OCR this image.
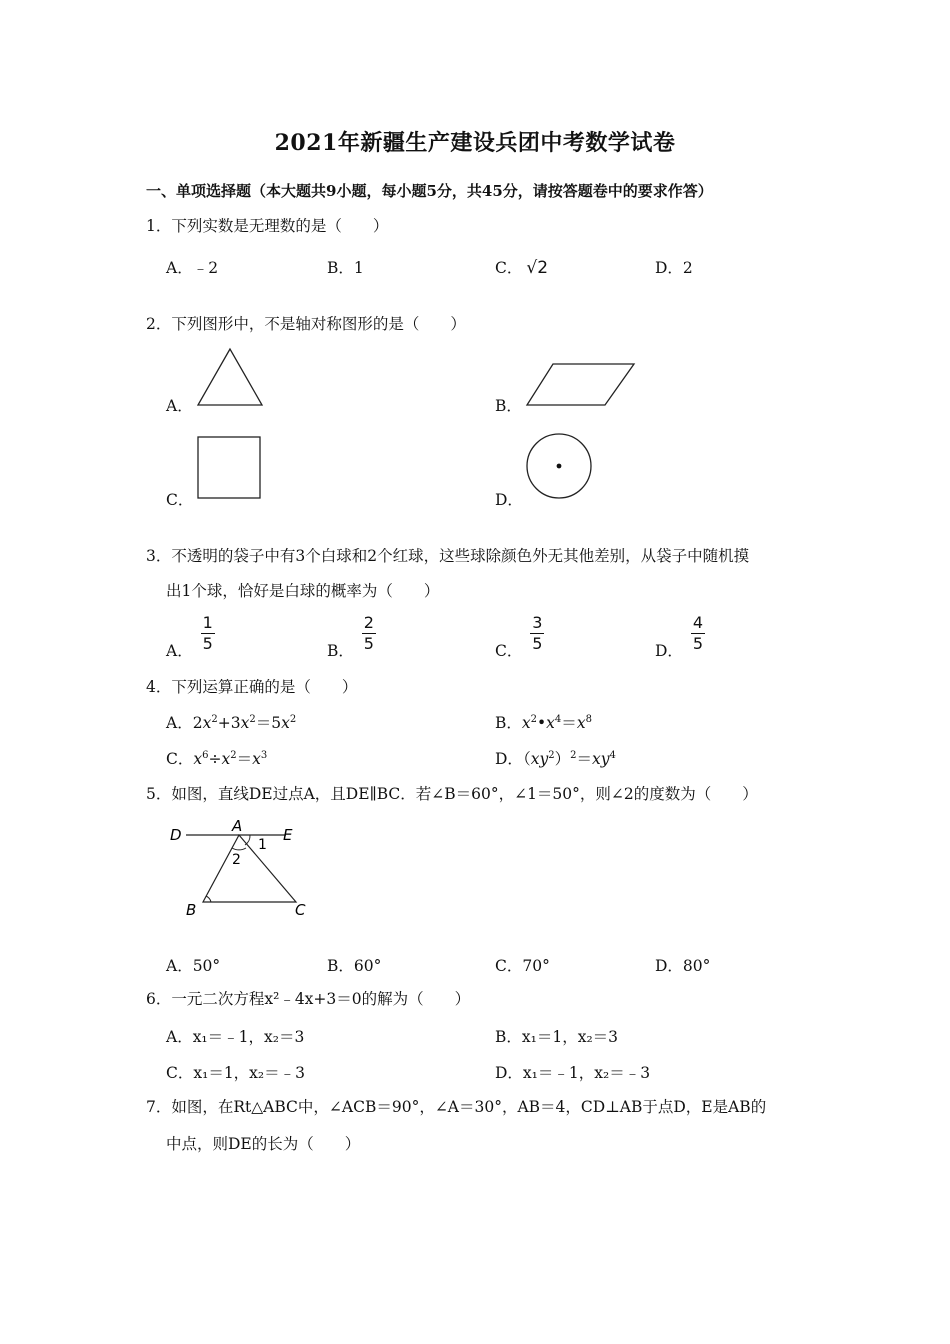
2021年新疆生产建设兵团中考数学试卷
一、单项选择题（本大题共9小题，每小题5分，共45分，请按答题卷中的要求作答）
1．下列实数是无理数的是（　　）
A．﹣2	B．1	C． √2	D．2
2．下列图形中，不是轴对称图形的是（　　）
A．	B．
C．	D．
3．不透明的袋子中有3个白球和2个红球，这些球除颜色外无其他差别，从袋子中随机摸
出1个球，恰好是白球的概率为（　　）
A． $\frac{1}{5}$	B． $\frac{2}{5}$	C． $\frac{3}{5}$	D． $\frac{4}{5}$
4．下列运算正确的是（　　）
A．$2x^2+3x^2=5x^2$	B．$x^2•x^4=x^8$
C．$x^6\div x^2=x^3$	D．$(xy^2)^2=xy^4$
5．如图，直线DE过点A，且DE∥BC．若∠B＝60°，∠1＝50°，则∠2的度数为（　　）
D	A	E
1
2
B	C
A．50°	B．60°	C．70°	D．80°
6．一元二次方程x²﹣4x+3＝0的解为（　　）
A．x₁＝﹣1，x₂＝3	B．x₁＝1，x₂＝3
C．x₁＝1，x₂＝﹣3	D．x₁＝﹣1，x₂＝﹣3
7．如图，在Rt△ABC中，∠ACB＝90°，∠A＝30°，AB＝4，CD⊥AB于点D，E是AB的
中点，则DE的长为（　　）
